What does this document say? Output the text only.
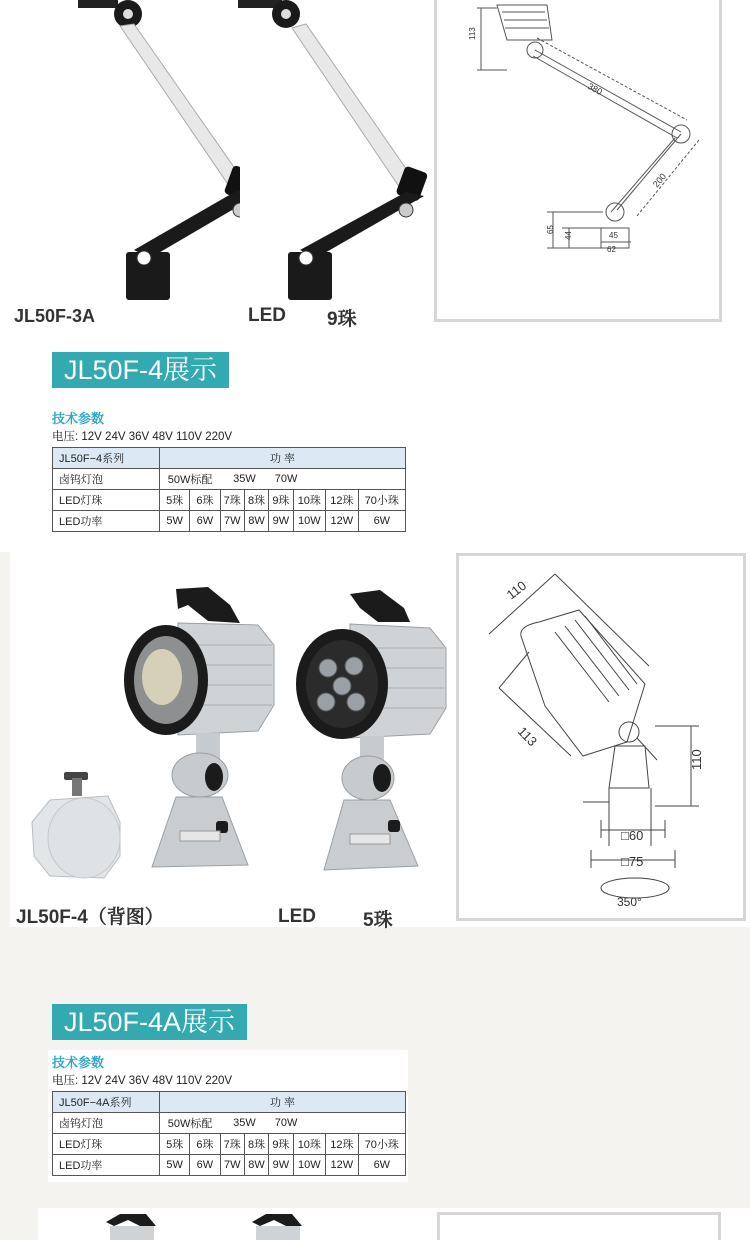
JL50F-3A	LED 9珠
113
380
200
65
44	45
62
JL50F-4展示
技术参数
电压: 12V 24V 36V 48V 110V 220V
JL50F−4系列	功 率							
卤钨灯泡	50W标配		35W		70W			
LED灯珠	5珠	6珠	7珠	8珠	9珠	10珠	12珠	70小珠
LED功率	5W	6W	7W	8W	9W	10W	12W	6W
JL50F-4（背图）	LED 5珠
110
113
110
□60
□75
350°
JL50F-4A展示
技术参数
电压: 12V 24V 36V 48V 110V 220V
JL50F−4A系列	功 率							
卤钨灯泡	50W标配		35W		70W			
LED灯珠	5珠	6珠	7珠	8珠	9珠	10珠	12珠	70小珠
LED功率	5W	6W	7W	8W	9W	10W	12W	6W
